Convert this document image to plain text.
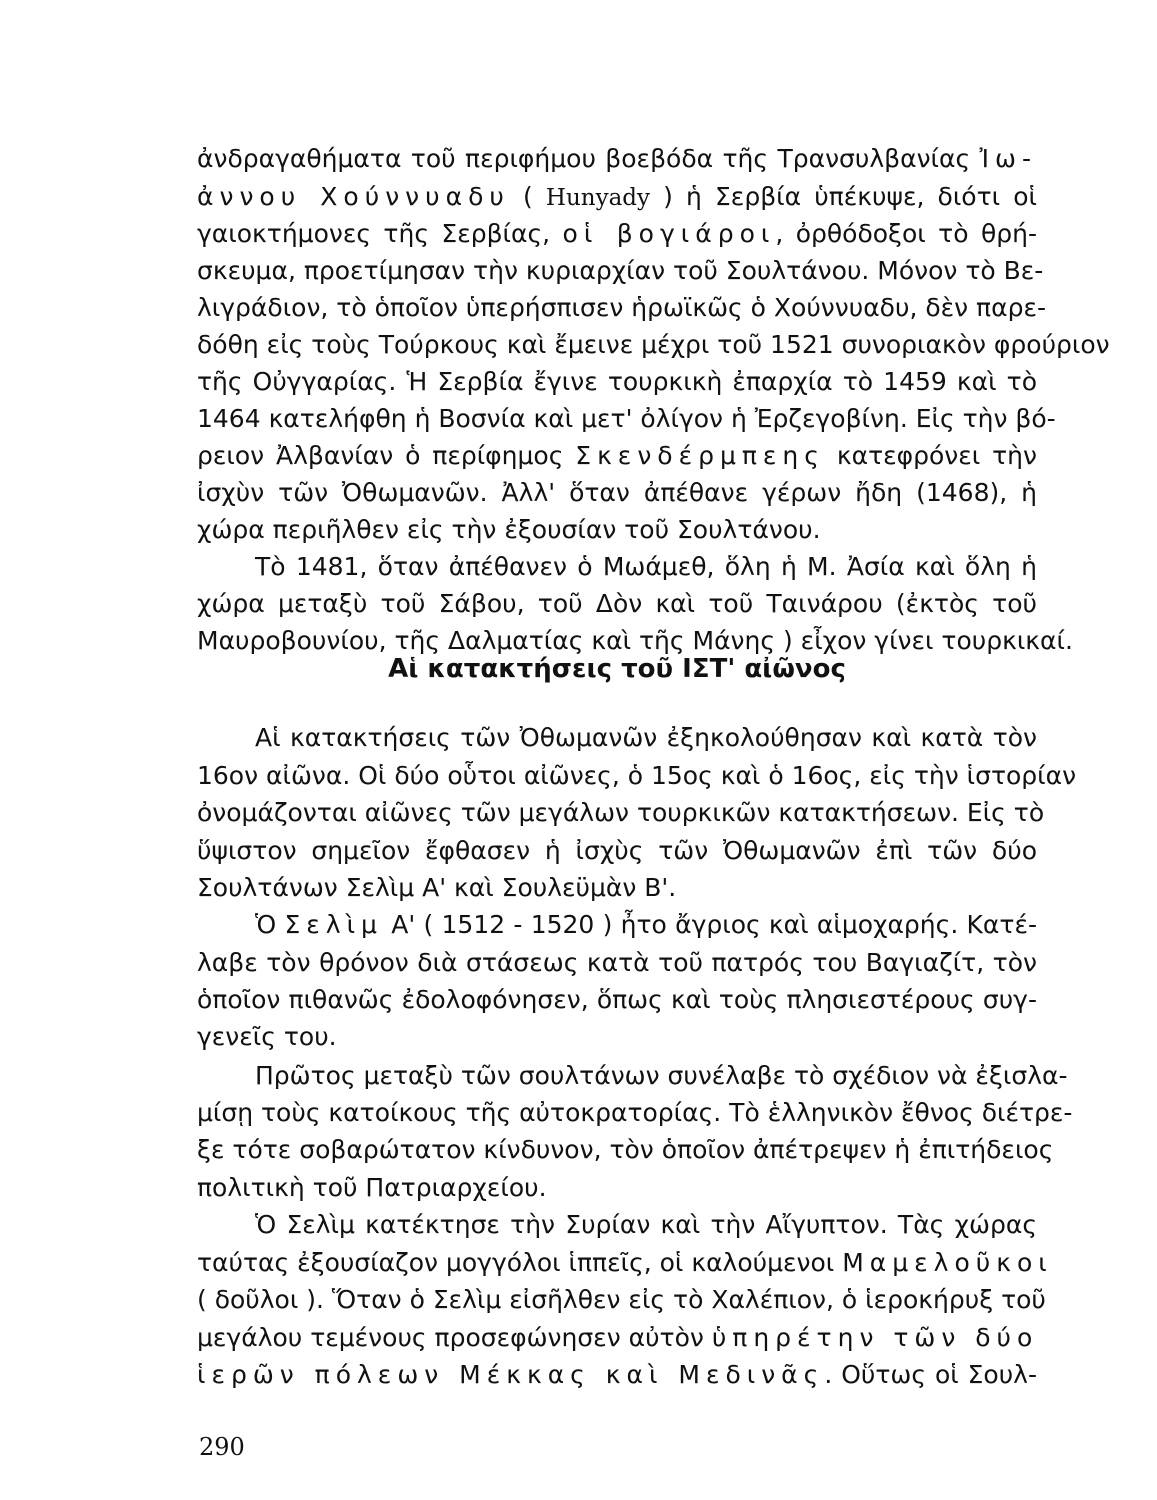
ἀνδραγαθήματα τοῦ περιφήμου βοεβόδα τῆς Τρανσυλβανίας Ἰω-
ἀννου Χούννυαδυ ( Hunyady ) ἡ Σερβία ὑπέκυψε, διότι οἱ
γαιοκτήμονες τῆς Σερβίας, οἱ βογιάροι, ὀρθόδοξοι τὸ θρή-
σκευμα, προετίμησαν τὴν κυριαρχίαν τοῦ Σουλτάνου. Μόνον τὸ Βε-
λιγράδιον, τὸ ὁποῖον ὑπερήσπισεν ἡρωϊκῶς ὁ Χούννυαδυ, δὲν παρε-
δόθη εἰς τοὺς Τούρκους καὶ ἔμεινε μέχρι τοῦ 1521 συνοριακὸν φρούριον
τῆς Οὐγγαρίας. Ἡ Σερβία ἔγινε τουρκικὴ ἐπαρχία τὸ 1459 καὶ τὸ
1464 κατελήφθη ἡ Βοσνία καὶ μετ' ὀλίγον ἡ Ἐρζεγοβίνη. Εἰς τὴν βό-
ρειον Ἀλβανίαν ὁ περίφημος Σκενδέρμπεης κατεφρόνει τὴν
ἰσχὺν τῶν Ὀθωμανῶν. Ἀλλ' ὅταν ἀπέθανε γέρων ἤδη (1468), ἡ
χώρα περιῆλθεν εἰς τὴν ἐξουσίαν τοῦ Σουλτάνου.
Τὸ 1481, ὅταν ἀπέθανεν ὁ Μωάμεθ, ὅλη ἡ Μ. Ἀσία καὶ ὅλη ἡ
χώρα μεταξὺ τοῦ Σάβου, τοῦ Δὸν καὶ τοῦ Ταινάρου (ἐκτὸς τοῦ
Μαυροβουνίου, τῆς Δαλματίας καὶ τῆς Μάνης ) εἶχον γίνει τουρκικαί.
Αἱ κατακτήσεις τοῦ ΙΣΤ' αἰῶνος
Αἱ κατακτήσεις τῶν Ὀθωμανῶν ἐξηκολούθησαν καὶ κατὰ τὸν
16ον αἰῶνα. Οἱ δύο οὗτοι αἰῶνες, ὁ 15ος καὶ ὁ 16ος, εἰς τὴν ἱστορίαν
ὀνομάζονται αἰῶνες τῶν μεγάλων τουρκικῶν κατακτήσεων. Εἰς τὸ
ὕψιστον σημεῖον ἔφθασεν ἡ ἰσχὺς τῶν Ὀθωμανῶν ἐπὶ τῶν δύο
Σουλτάνων Σελὶμ Α' καὶ Σουλεϋμὰν Β'.
Ὁ Σελὶμ Α' ( 1512 - 1520 ) ἦτο ἄγριος καὶ αἱμοχαρής. Κατέ-
λαβε τὸν θρόνον διὰ στάσεως κατὰ τοῦ πατρός του Βαγιαζίτ, τὸν
ὁποῖον πιθανῶς ἐδολοφόνησεν, ὅπως καὶ τοὺς πλησιεστέρους συγ-
γενεῖς του.
Πρῶτος μεταξὺ τῶν σουλτάνων συνέλαβε τὸ σχέδιον νὰ ἐξισλα-
μίσῃ τοὺς κατοίκους τῆς αὐτοκρατορίας. Τὸ ἑλληνικὸν ἔθνος διέτρε-
ξε τότε σοβαρώτατον κίνδυνον, τὸν ὁποῖον ἀπέτρεψεν ἡ ἐπιτήδειος
πολιτικὴ τοῦ Πατριαρχείου.
Ὁ Σελὶμ κατέκτησε τὴν Συρίαν καὶ τὴν Αἴγυπτον. Τὰς χώρας
ταύτας ἐξουσίαζον μογγόλοι ἱππεῖς, οἱ καλούμενοι Μαμελοῦκοι
( δοῦλοι ). Ὅταν ὁ Σελὶμ εἰσῆλθεν εἰς τὸ Χαλέπιον, ὁ ἱεροκήρυξ τοῦ
μεγάλου τεμένους προσεφώνησεν αὐτὸν ὑπηρέτην τῶν δύο
ἱερῶν πόλεων Μέκκας καὶ Μεδινᾶς. Οὕτως οἱ Σουλ-
290
